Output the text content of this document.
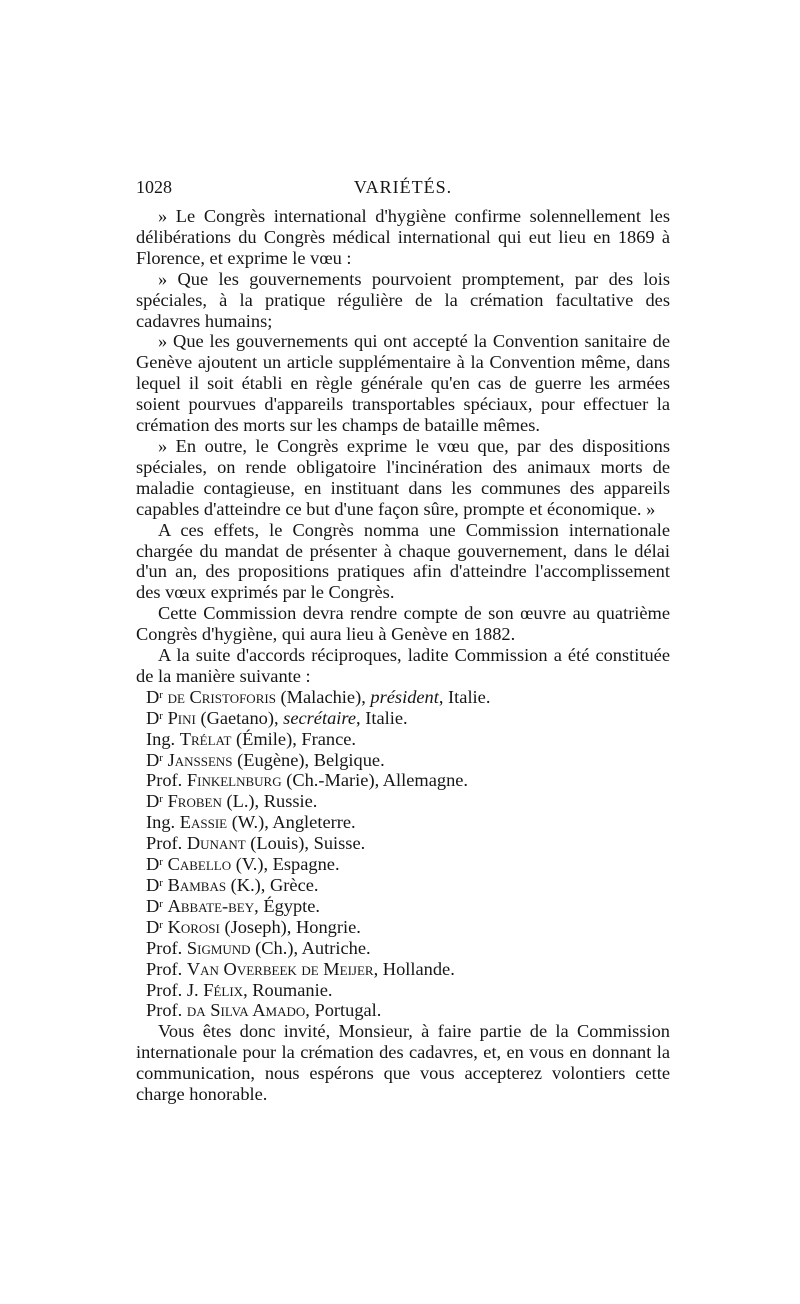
1028	VARIÉTÉS.

» Le Congrès international d'hygiène confirme solennellement les délibérations du Congrès médical international qui eut lieu en 1869 à Florence, et exprime le vœu :

» Que les gouvernements pourvoient promptement, par des lois spéciales, à la pratique régulière de la crémation facultative des cadavres humains;

» Que les gouvernements qui ont accepté la Convention sanitaire de Genève ajoutent un article supplémentaire à la Convention même, dans lequel il soit établi en règle générale qu'en cas de guerre les armées soient pourvues d'appareils transportables spéciaux, pour effectuer la crémation des morts sur les champs de bataille mêmes.

» En outre, le Congrès exprime le vœu que, par des dispositions spéciales, on rende obligatoire l'incinération des animaux morts de maladie contagieuse, en instituant dans les communes des appareils capables d'atteindre ce but d'une façon sûre, prompte et économique. »

A ces effets, le Congrès nomma une Commission internationale chargée du mandat de présenter à chaque gouvernement, dans le délai d'un an, des propositions pratiques afin d'atteindre l'accomplissement des vœux exprimés par le Congrès.

Cette Commission devra rendre compte de son œuvre au quatrième Congrès d'hygiène, qui aura lieu à Genève en 1882.

A la suite d'accords réciproques, ladite Commission a été constituée de la manière suivante :

$D^r$ de Cristoforis (Malachie), président, Italie.
$D^r$ Pini (Gaetano), secrétaire, Italie.
Ing. Trélat (Émile), France.
$D^r$ Janssens (Eugène), Belgique.
Prof. Finkelnburg (Ch.-Marie), Allemagne.
$D^r$ Froben (L.), Russie.
Ing. Eassie (W.), Angleterre.
Prof. Dunant (Louis), Suisse.
$D^r$ Cabello (V.), Espagne.
$D^r$ Bambas (K.), Grèce.
$D^r$ Abbate-bey, Égypte.
$D^r$ Korosi (Joseph), Hongrie.
Prof. Sigmund (Ch.), Autriche.
Prof. Van Overbeek de Meijer, Hollande.
Prof. J. Félix, Roumanie.
Prof. da Silva Amado, Portugal.

Vous êtes donc invité, Monsieur, à faire partie de la Commission internationale pour la crémation des cadavres, et, en vous en donnant la communication, nous espérons que vous accepterez volontiers cette charge honorable.
